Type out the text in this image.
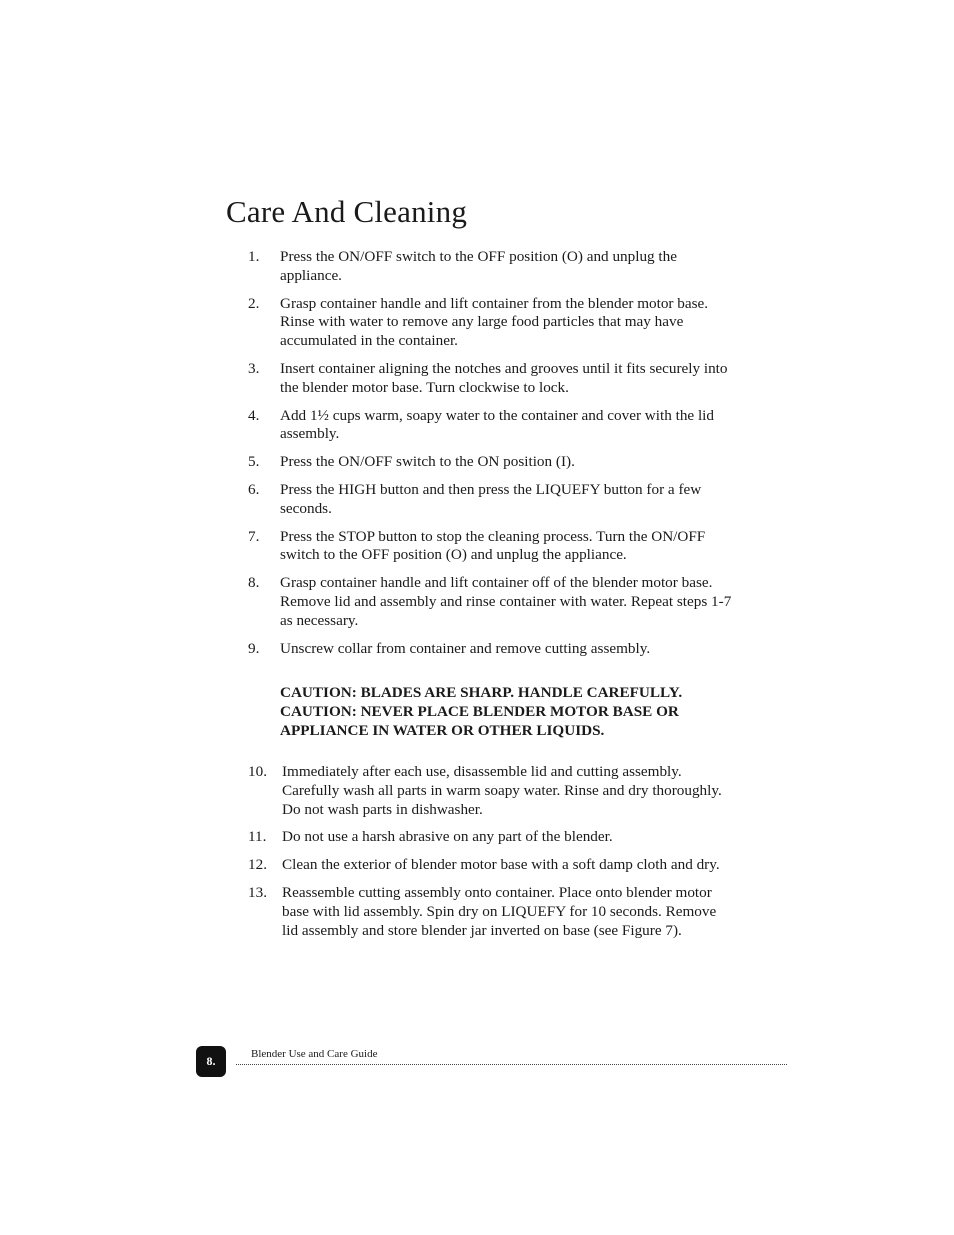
Care And Cleaning
1.	Press the ON/OFF switch to the OFF position (O) and unplug the appliance.
2.	Grasp container handle and lift container from the blender motor base. Rinse with water to remove any large food particles that may have accumulated in the container.
3.	Insert container aligning the notches and grooves until it fits securely into the blender motor base. Turn clockwise to lock.
4.	Add 1½ cups warm, soapy water to the container and cover with the lid assembly.
5.	Press the ON/OFF switch to the ON position (I).
6.	Press the HIGH button and then press the LIQUEFY button for a few seconds.
7.	Press the STOP button to stop the cleaning process. Turn the ON/OFF switch to the OFF position (O) and unplug the appliance.
8.	Grasp container handle and lift container off of the blender motor base. Remove lid and assembly and rinse container with water. Repeat steps 1-7 as necessary.
9.	Unscrew collar from container and remove cutting assembly.

CAUTION: BLADES ARE SHARP. HANDLE CAREFULLY.
CAUTION: NEVER PLACE BLENDER MOTOR BASE OR
APPLIANCE IN WATER OR OTHER LIQUIDS.

10. Immediately after each use, disassemble lid and cutting assembly. Carefully wash all parts in warm soapy water. Rinse and dry thoroughly. Do not wash parts in dishwasher.
11.	Do not use a harsh abrasive on any part of the blender.
12. Clean the exterior of blender motor base with a soft damp cloth and dry.
13. Reassemble cutting assembly onto container. Place onto blender motor base with lid assembly. Spin dry on LIQUEFY for 10 seconds. Remove lid assembly and store blender jar inverted on base (see Figure 7).
8.	Blender Use and Care Guide
